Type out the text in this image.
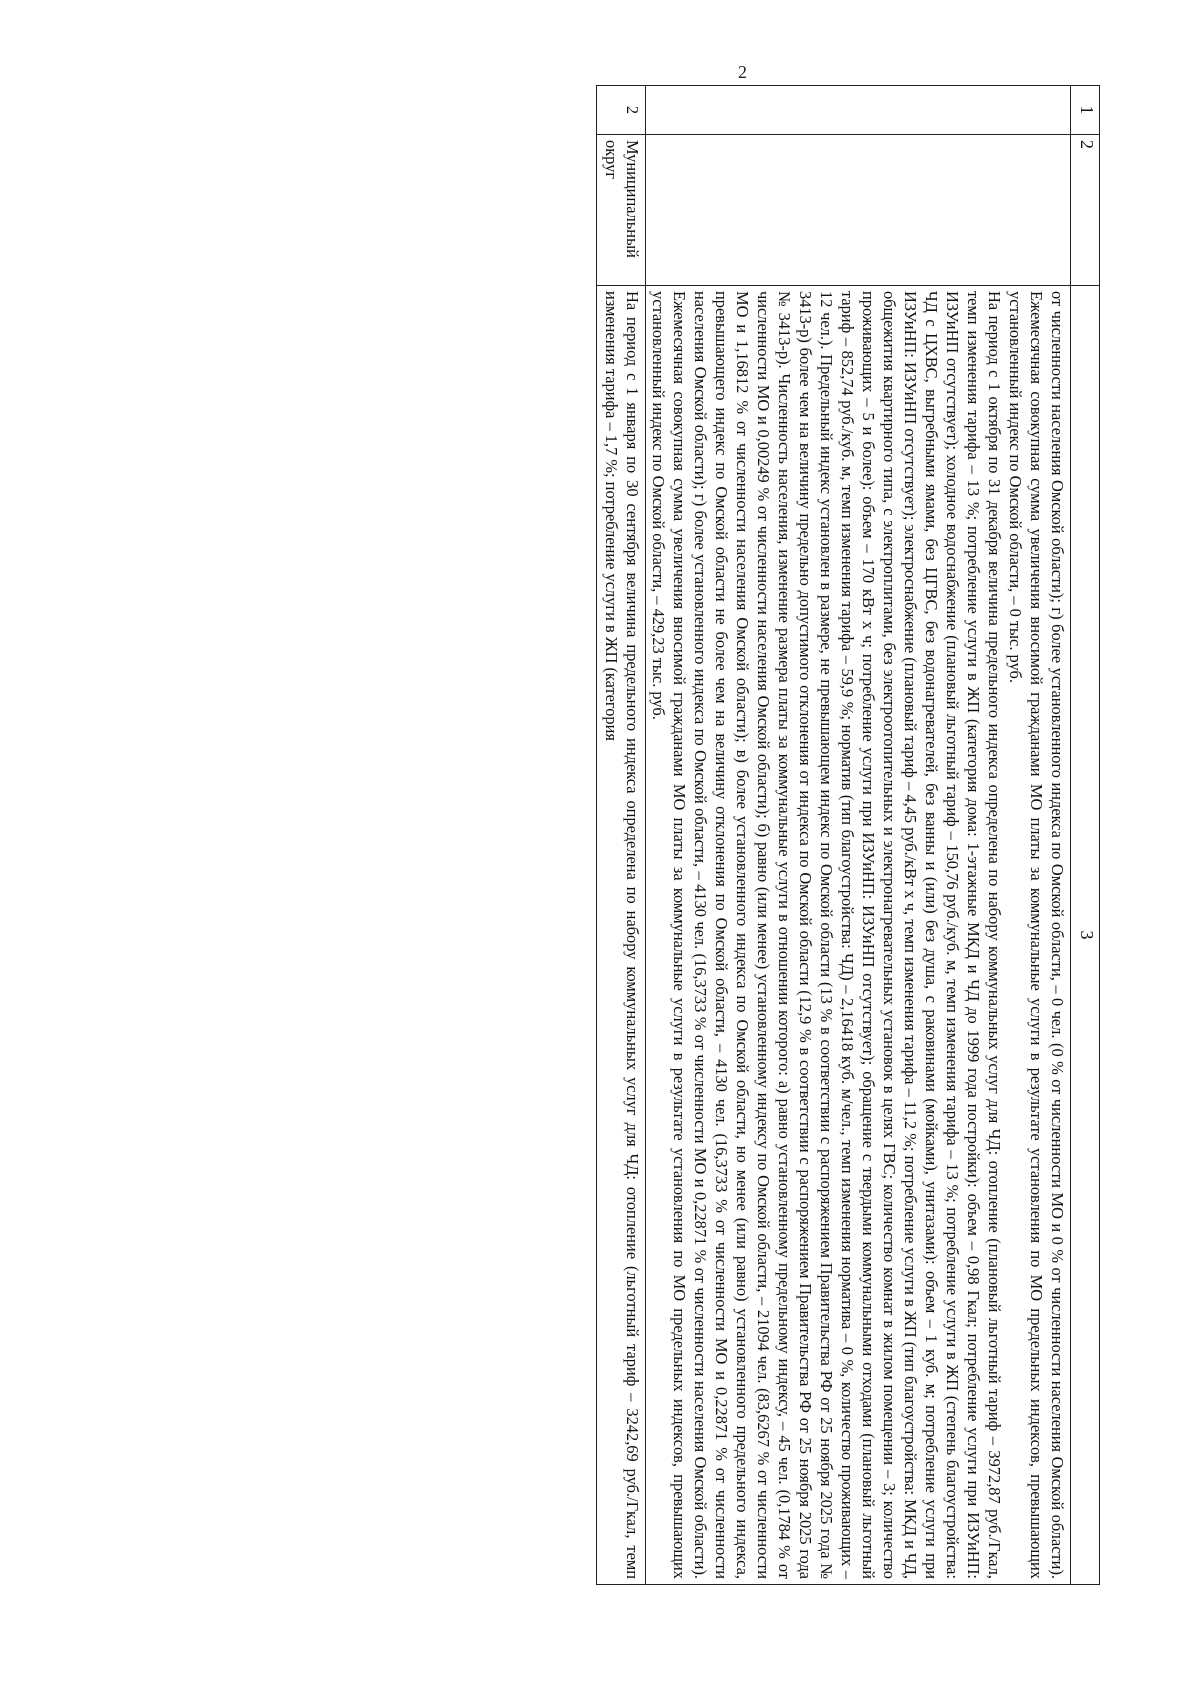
2
1	2	3

		от численности населения Омской области); г) более установленного индекса по Омской области, – 0 чел. (0 % от численности МО и 0 % от численности населения Омской области). Ежемесячная совокупная сумма увеличения вносимой гражданами МО платы за коммунальные услуги в результате установления по МО предельных индексов, превышающих установленный индекс по Омской области, – 0 тыс. руб.
На период с 1 октября по 31 декабря величина предельного индекса определена по набору коммунальных услуг для ЧД: отопление (плановый льготный тариф – 3972,87 руб./Гкал, темп изменения тарифа – 13 %; потребление услуги в ЖП (категория дома: 1-этажные МКД и ЧД до 1999 года постройки): объем – 0,98 Гкал; потребление услуги при ИЗУиНП: ИЗУиНП отсутствует); холодное водоснабжение (плановый льготный тариф – 150,76 руб./куб. м, темп изменения тарифа – 13 %; потребление услуги в ЖП (степень благоустройства: ЧД с ЦХВС, выгребными ямами, без ЦГВС, без водонагревателей, без ванны и (или) без душа, с раковинами (мойками), унитазами): объем – 1 куб. м; потребление услуги при ИЗУиНП: ИЗУиНП отсутствует); электроснабжение (плановый тариф – 4,45 руб./кВт х ч, темп изменения тарифа – 11,2 %; потребление услуги в ЖП (тип благоустройства: МКД и ЧД, общежития квартирного типа, с электроплитами, без электроотопительных и электронагревательных установок в целях ГВС; количество комнат в жилом помещении – 3; количество проживающих – 5 и более): объем – 170 кВт х ч; потребление услуги при ИЗУиНП: ИЗУиНП отсутствует); обращение с твердыми коммунальными отходами (плановый льготный тариф – 852,74 руб./куб. м, темп изменения тарифа – 59,9 %; норматив (тип благоустройства: ЧД) – 2,16418 куб. м/чел., темп изменения норматива – 0 %, количество проживающих – 12 чел.). Предельный индекс установлен в размере, не превышающем индекс по Омской области (13 % в соответствии с распоряжением Правительства РФ от 25 ноября 2025 года № 3413-р) более чем на величину предельно допустимого отклонения от индекса по Омской области (12,9 % в соответствии с распоряжением Правительства РФ от 25 ноября 2025 года № 3413-р). Численность населения, изменение размера платы за коммунальные услуги в отношении которого: а) равно установленному предельному индексу, – 45 чел. (0,1784 % от численности МО и 0,00249 % от численности населения Омской области); б) равно (или менее) установленному индексу по Омской области, – 21094 чел. (83,6267 % от численности МО и 1,16812 % от численности населения Омской области); в) более установленного индекса по Омской области, но менее (или равно) установленного предельного индекса, превышающего индекс по Омской области не более чем на величину отклонения по Омской области, – 4130 чел. (16,3733 % от численности МО и 0,22871 % от численности населения Омской области); г) более установленного индекса по Омской области, – 4130 чел. (16,3733 % от численности МО и 0,22871 % от численности населения Омской области). Ежемесячная совокупная сумма увеличения вносимой гражданами МО платы за коммунальные услуги в результате установления по МО предельных индексов, превышающих установленный индекс по Омской области, – 429,23 тыс. руб.

2	Муниципальный округ	На период с 1 января по 30 сентября величина предельного индекса определена по набору коммунальных услуг для ЧД: отопление (льготный тариф – 3242,69 руб./Гкал, темп изменения тарифа – 1,7 %; потребление услуги в ЖП (категория
